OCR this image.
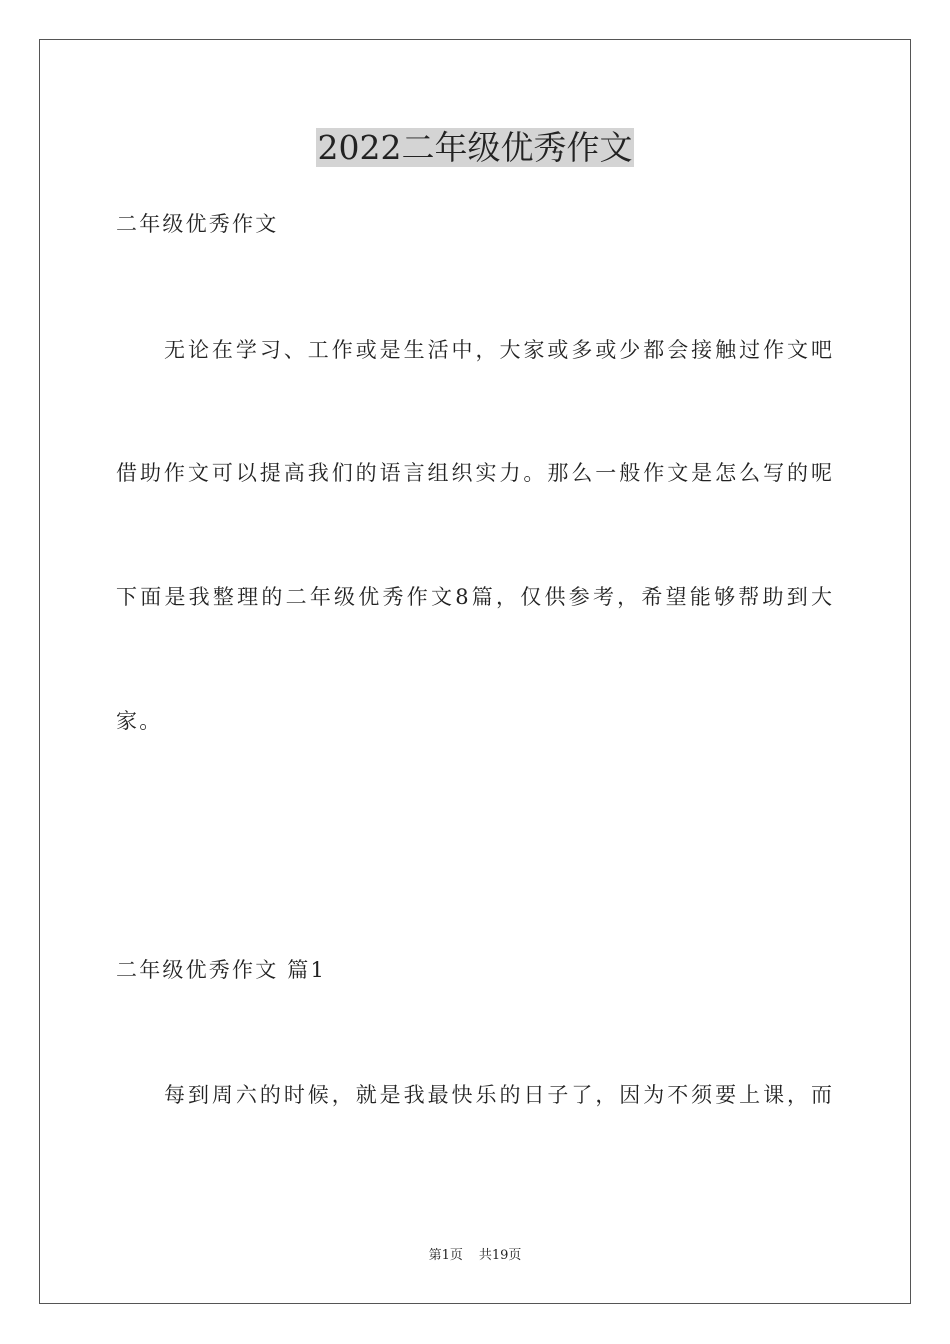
2022二年级优秀作文
二年级优秀作文
无论在学习、工作或是生活中，大家或多或少都会接触过作文吧
借助作文可以提高我们的语言组织实力。那么一般作文是怎么写的呢
下面是我整理的二年级优秀作文8篇，仅供参考，希望能够帮助到大
家。
二年级优秀作文 篇1
每到周六的时候，就是我最快乐的日子了，因为不须要上课，而
第1页 共19页
